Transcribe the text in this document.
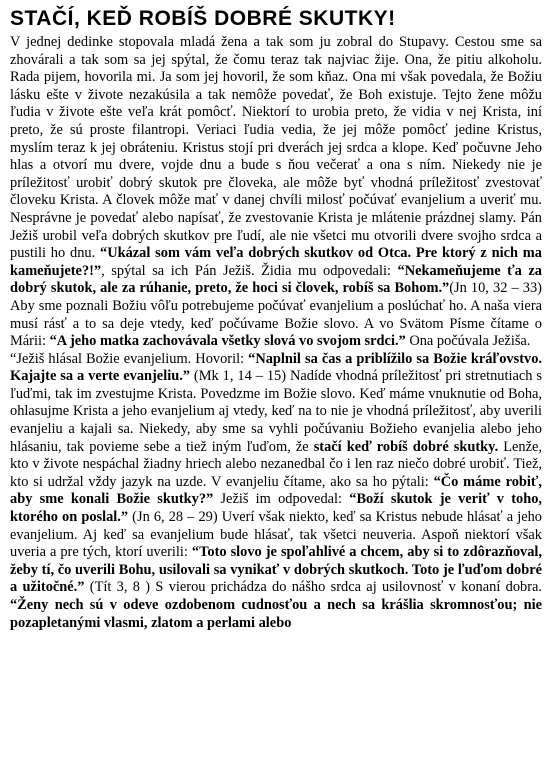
STAČÍ, KEĎ ROBÍŠ DOBRÉ SKUTKY!

V jednej dedinke stopovala mladá žena a tak som ju zobral do Stupavy. Cestou sme sa zhovárali a tak som sa jej spýtal, že čomu teraz tak najviac žije. Ona, že pitiu alkoholu. Rada pijem, hovorila mi. Ja som jej hovoril, že som kňaz. Ona mi však povedala, že Božiu lásku ešte v živote nezakúsila a tak nemôže povedať, že Boh existuje. Tejto žene môžu ľudia v živote ešte veľa krát pomôcť. Niektorí to urobia preto, že vidia v nej Krista, iní preto, že sú proste filantropi. Veriaci ľudia vedia, že jej môže pomôcť jedine Kristus, myslím teraz k jej obráteniu. Kristus stojí pri dverách jej srdca a klope. Keď počuvne Jeho hlas a otvorí mu dvere, vojde dnu a bude s ňou večerať a ona s ním. Niekedy nie je príležitosť urobiť dobrý skutok pre človeka, ale môže byť vhodná príležitosť zvestovať človeku Krista. A človek môže mať v danej chvíli milosť počúvať evanjelium a uveriť mu. Nesprávne je povedať alebo napísať, že zvestovanie Krista je mlátenie prázdnej slamy. Pán Ježiš urobil veľa dobrých skutkov pre ľudí, ale nie všetci mu otvorili dvere svojho srdca a pustili ho dnu. “Ukázal som vám veľa dobrých skutkov od Otca. Pre ktorý z nich ma kameňujete?!”, spýtal sa ich Pán Ježiš. Židia mu odpovedali: “Nekameňujeme ťa za dobrý skutok, ale za rúhanie, preto, že hoci si človek, robíš sa Bohom.”(Jn 10, 32 – 33) Aby sme poznali Božiu vôľu potrebujeme počúvať evanjelium a poslúchať ho. A naša viera musí rásť a to sa deje vtedy, keď počúvame Božie slovo. A vo Svätom Písme čítame o Márii: “A jeho matka zachovávala všetky slová vo svojom srdci.” Ona počúvala Ježiša.

“Ježiš hlásal Božie evanjelium. Hovoril: “Naplnil sa čas a priblížilo sa Božie kráľovstvo. Kajajte sa a verte evanjeliu.” (Mk 1, 14 – 15) Nadíde vhodná príležitosť pri stretnutiach s ľuďmi, tak im zvestujme Krista. Povedzme im Božie slovo. Keď máme vnuknutie od Boha, ohlasujme Krista a jeho evanjelium aj vtedy, keď na to nie je vhodná príležitosť, aby uverili evanjeliu a kajali sa. Niekedy, aby sme sa vyhli počúvaniu Božieho evanjelia alebo jeho hlásaniu, tak povieme sebe a tiež iným ľuďom, že stačí keď robíš dobré skutky. Lenže, kto v živote nespáchal žiadny hriech alebo nezanedbal čo i len raz niečo dobré urobiť. Tiež, kto si udržal vždy jazyk na uzde. V evanjeliu čítame, ako sa ho pýtali: “Čo máme robiť, aby sme konali Božie skutky?” Ježiš im odpovedal: “Boží skutok je veriť v toho, ktorého on poslal.” (Jn 6, 28 – 29) Uverí však niekto, keď sa Kristus nebude hlásať a jeho evanjelium. Aj keď sa evanjelium bude hlásať, tak všetci neuveria. Aspoň niektorí však uveria a pre tých, ktorí uverili: “Toto slovo je spoľahlivé a chcem, aby si to zdôrazňoval, žeby tí, čo uverili Bohu, usilovali sa vynikať v dobrých skutkoch. Toto je ľuďom dobré a užitočné.” (Tít 3, 8 ) S vierou prichádza do nášho srdca aj usilovnosť v konaní dobra. “Ženy nech sú v odeve ozdobenom cudnosťou a nech sa krášlia skromnosťou; nie pozapletanými vlasmi, zlatom a perlami alebo
